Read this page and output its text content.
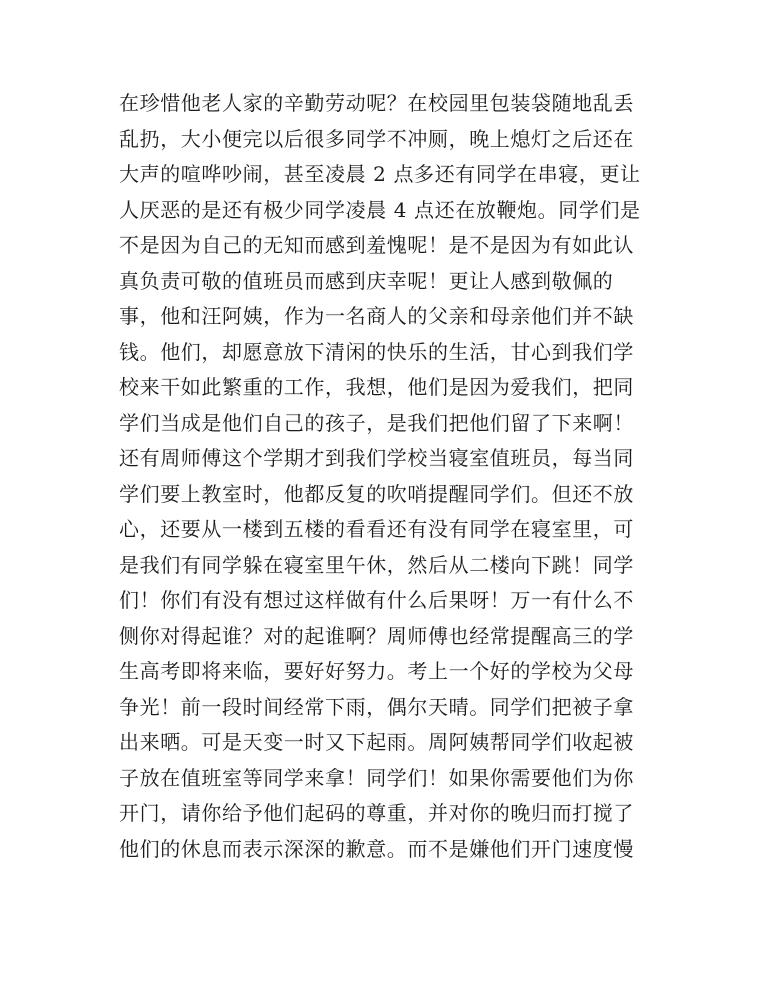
在珍惜他老人家的辛勤劳动呢？在校园里包装袋随地乱丢
乱扔，大小便完以后很多同学不冲厕，晚上熄灯之后还在
大声的喧哗吵闹，甚至凌晨 2 点多还有同学在串寝，更让
人厌恶的是还有极少同学凌晨 4 点还在放鞭炮。同学们是
不是因为自己的无知而感到羞愧呢！是不是因为有如此认
真负责可敬的值班员而感到庆幸呢！更让人感到敬佩的
事，他和汪阿姨，作为一名商人的父亲和母亲他们并不缺
钱。他们，却愿意放下清闲的快乐的生活，甘心到我们学
校来干如此繁重的工作，我想，他们是因为爱我们，把同
学们当成是他们自己的孩子，是我们把他们留了下来啊！
还有周师傅这个学期才到我们学校当寝室值班员，每当同
学们要上教室时，他都反复的吹哨提醒同学们。但还不放
心，还要从一楼到五楼的看看还有没有同学在寝室里，可
是我们有同学躲在寝室里午休，然后从二楼向下跳！同学
们！你们有没有想过这样做有什么后果呀！万一有什么不
侧你对得起谁？对的起谁啊？周师傅也经常提醒高三的学
生高考即将来临，要好好努力。考上一个好的学校为父母
争光！前一段时间经常下雨，偶尔天晴。同学们把被子拿
出来晒。可是天变一时又下起雨。周阿姨帮同学们收起被
子放在值班室等同学来拿！同学们！如果你需要他们为你
开门，请你给予他们起码的尊重，并对你的晚归而打搅了
他们的休息而表示深深的歉意。而不是嫌他们开门速度慢
